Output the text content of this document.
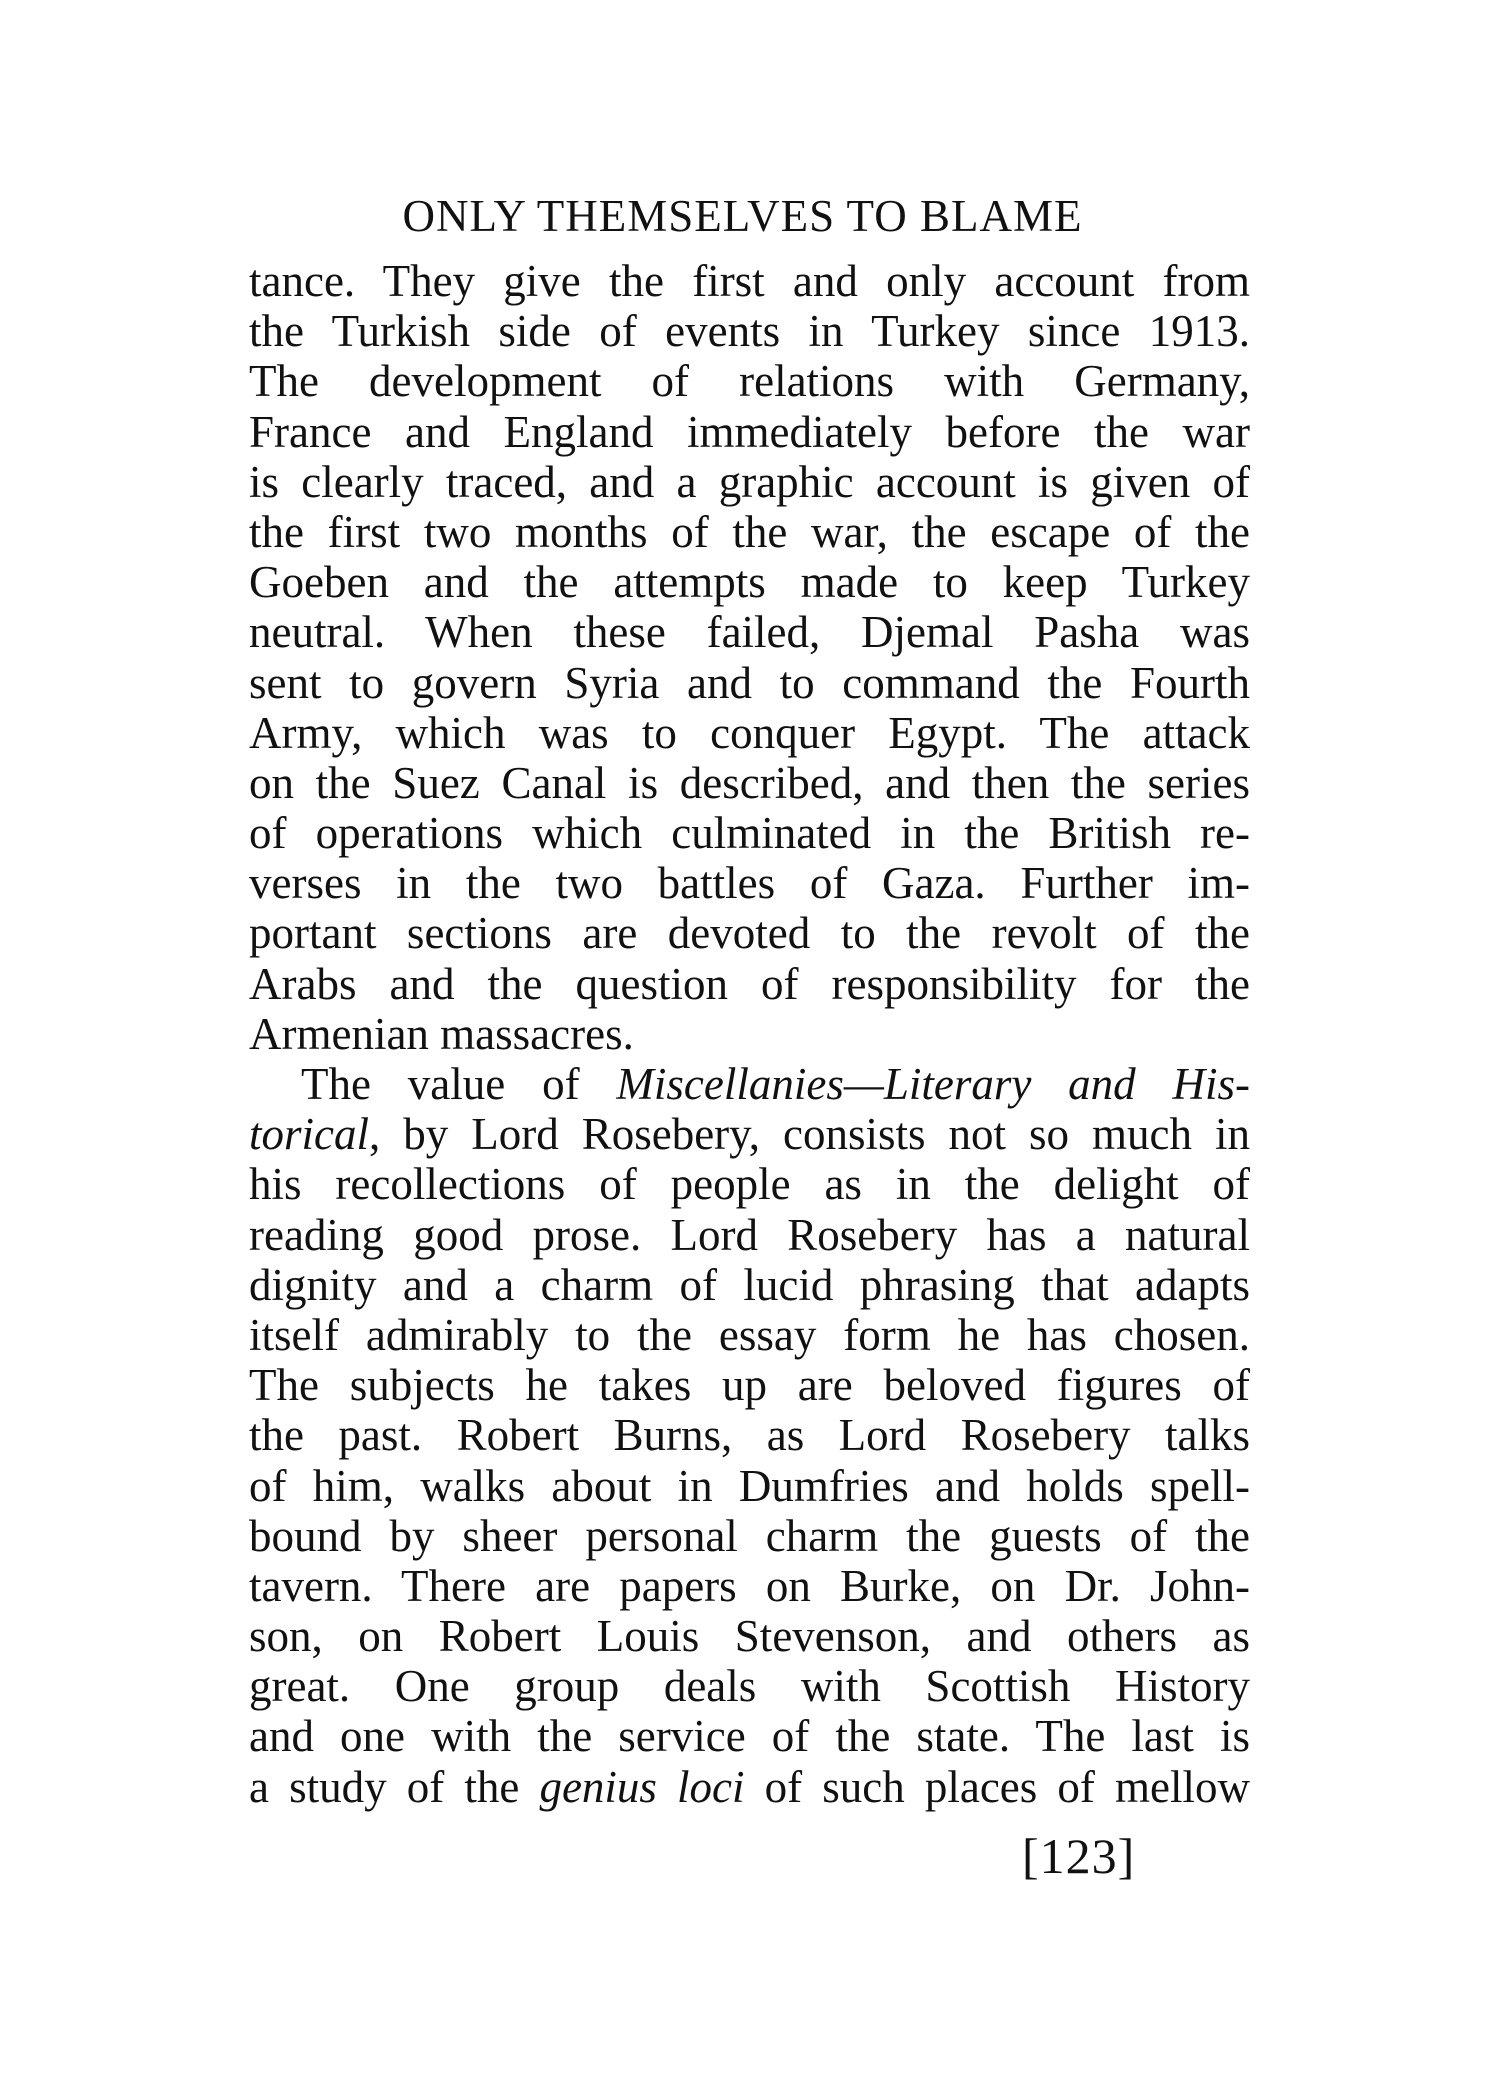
ONLY THEMSELVES TO BLAME
tance. They give the first and only account from
the Turkish side of events in Turkey since 1913.
The development of relations with Germany,
France and England immediately before the war
is clearly traced, and a graphic account is given of
the first two months of the war, the escape of the
Goeben and the attempts made to keep Turkey
neutral. When these failed, Djemal Pasha was
sent to govern Syria and to command the Fourth
Army, which was to conquer Egypt. The attack
on the Suez Canal is described, and then the series
of operations which culminated in the British re-
verses in the two battles of Gaza. Further im-
portant sections are devoted to the revolt of the
Arabs and the question of responsibility for the
Armenian massacres.
The value of Miscellanies—Literary and His-
torical, by Lord Rosebery, consists not so much in
his recollections of people as in the delight of
reading good prose. Lord Rosebery has a natural
dignity and a charm of lucid phrasing that adapts
itself admirably to the essay form he has chosen.
The subjects he takes up are beloved figures of
the past. Robert Burns, as Lord Rosebery talks
of him, walks about in Dumfries and holds spell-
bound by sheer personal charm the guests of the
tavern. There are papers on Burke, on Dr. John-
son, on Robert Louis Stevenson, and others as
great. One group deals with Scottish History
and one with the service of the state. The last is
a study of the genius loci of such places of mellow
[123]
